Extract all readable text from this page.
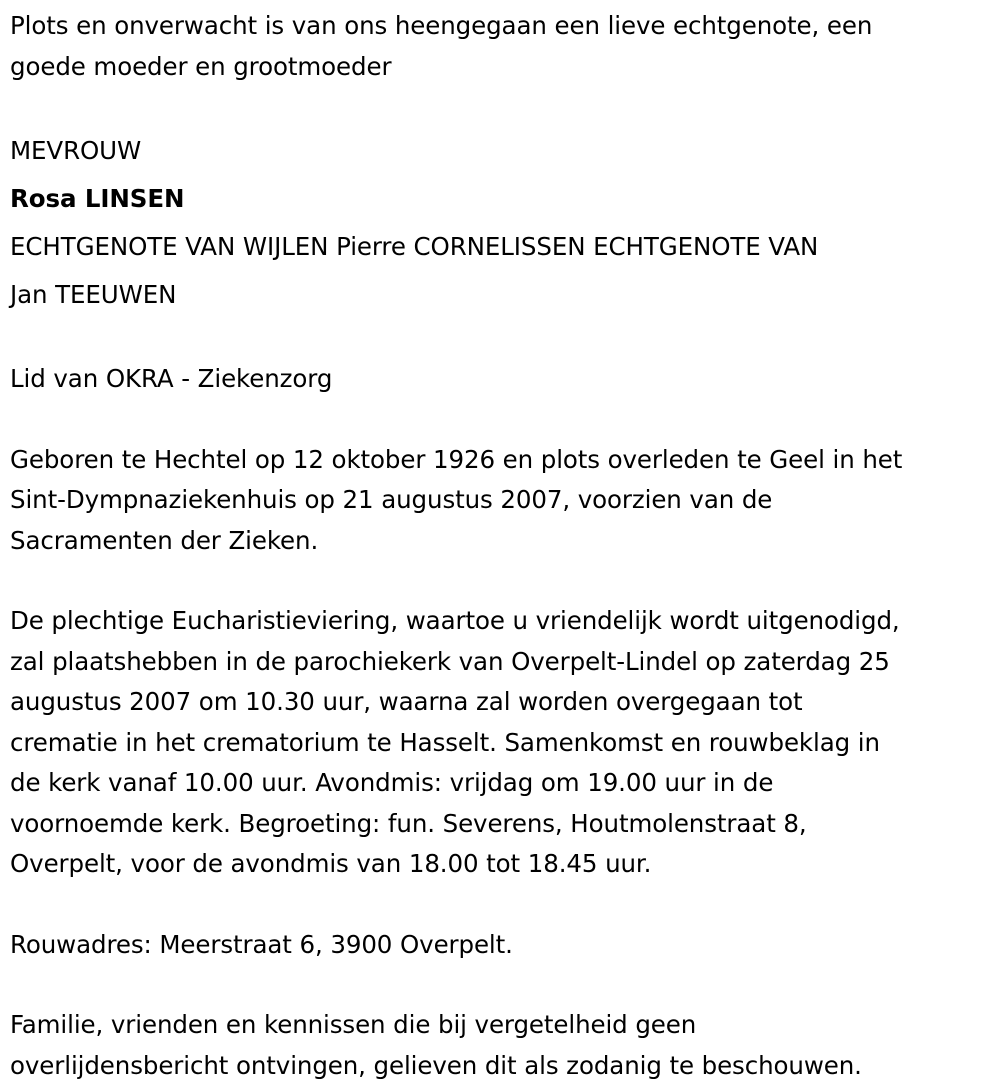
Plots en onverwacht is van ons heengegaan een lieve echtgenote, een
goede moeder en grootmoeder
MEVROUW
Rosa LINSEN
ECHTGENOTE VAN WIJLEN Pierre CORNELISSEN ECHTGENOTE VAN
Jan TEEUWEN
Lid van OKRA - Ziekenzorg
Geboren te Hechtel op 12 oktober 1926 en plots overleden te Geel in het
Sint-Dympnaziekenhuis op 21 augustus 2007, voorzien van de
Sacramenten der Zieken.
De plechtige Eucharistieviering, waartoe u vriendelijk wordt uitgenodigd,
zal plaatshebben in de parochiekerk van Overpelt-Lindel op zaterdag 25
augustus 2007 om 10.30 uur, waarna zal worden overgegaan tot
crematie in het crematorium te Hasselt. Samenkomst en rouwbeklag in
de kerk vanaf 10.00 uur. Avondmis: vrijdag om 19.00 uur in de
voornoemde kerk. Begroeting: fun. Severens, Houtmolenstraat 8,
Overpelt, voor de avondmis van 18.00 tot 18.45 uur.
Rouwadres: Meerstraat 6, 3900 Overpelt.
Familie, vrienden en kennissen die bij vergetelheid geen
overlijdensbericht ontvingen, gelieven dit als zodanig te beschouwen.
